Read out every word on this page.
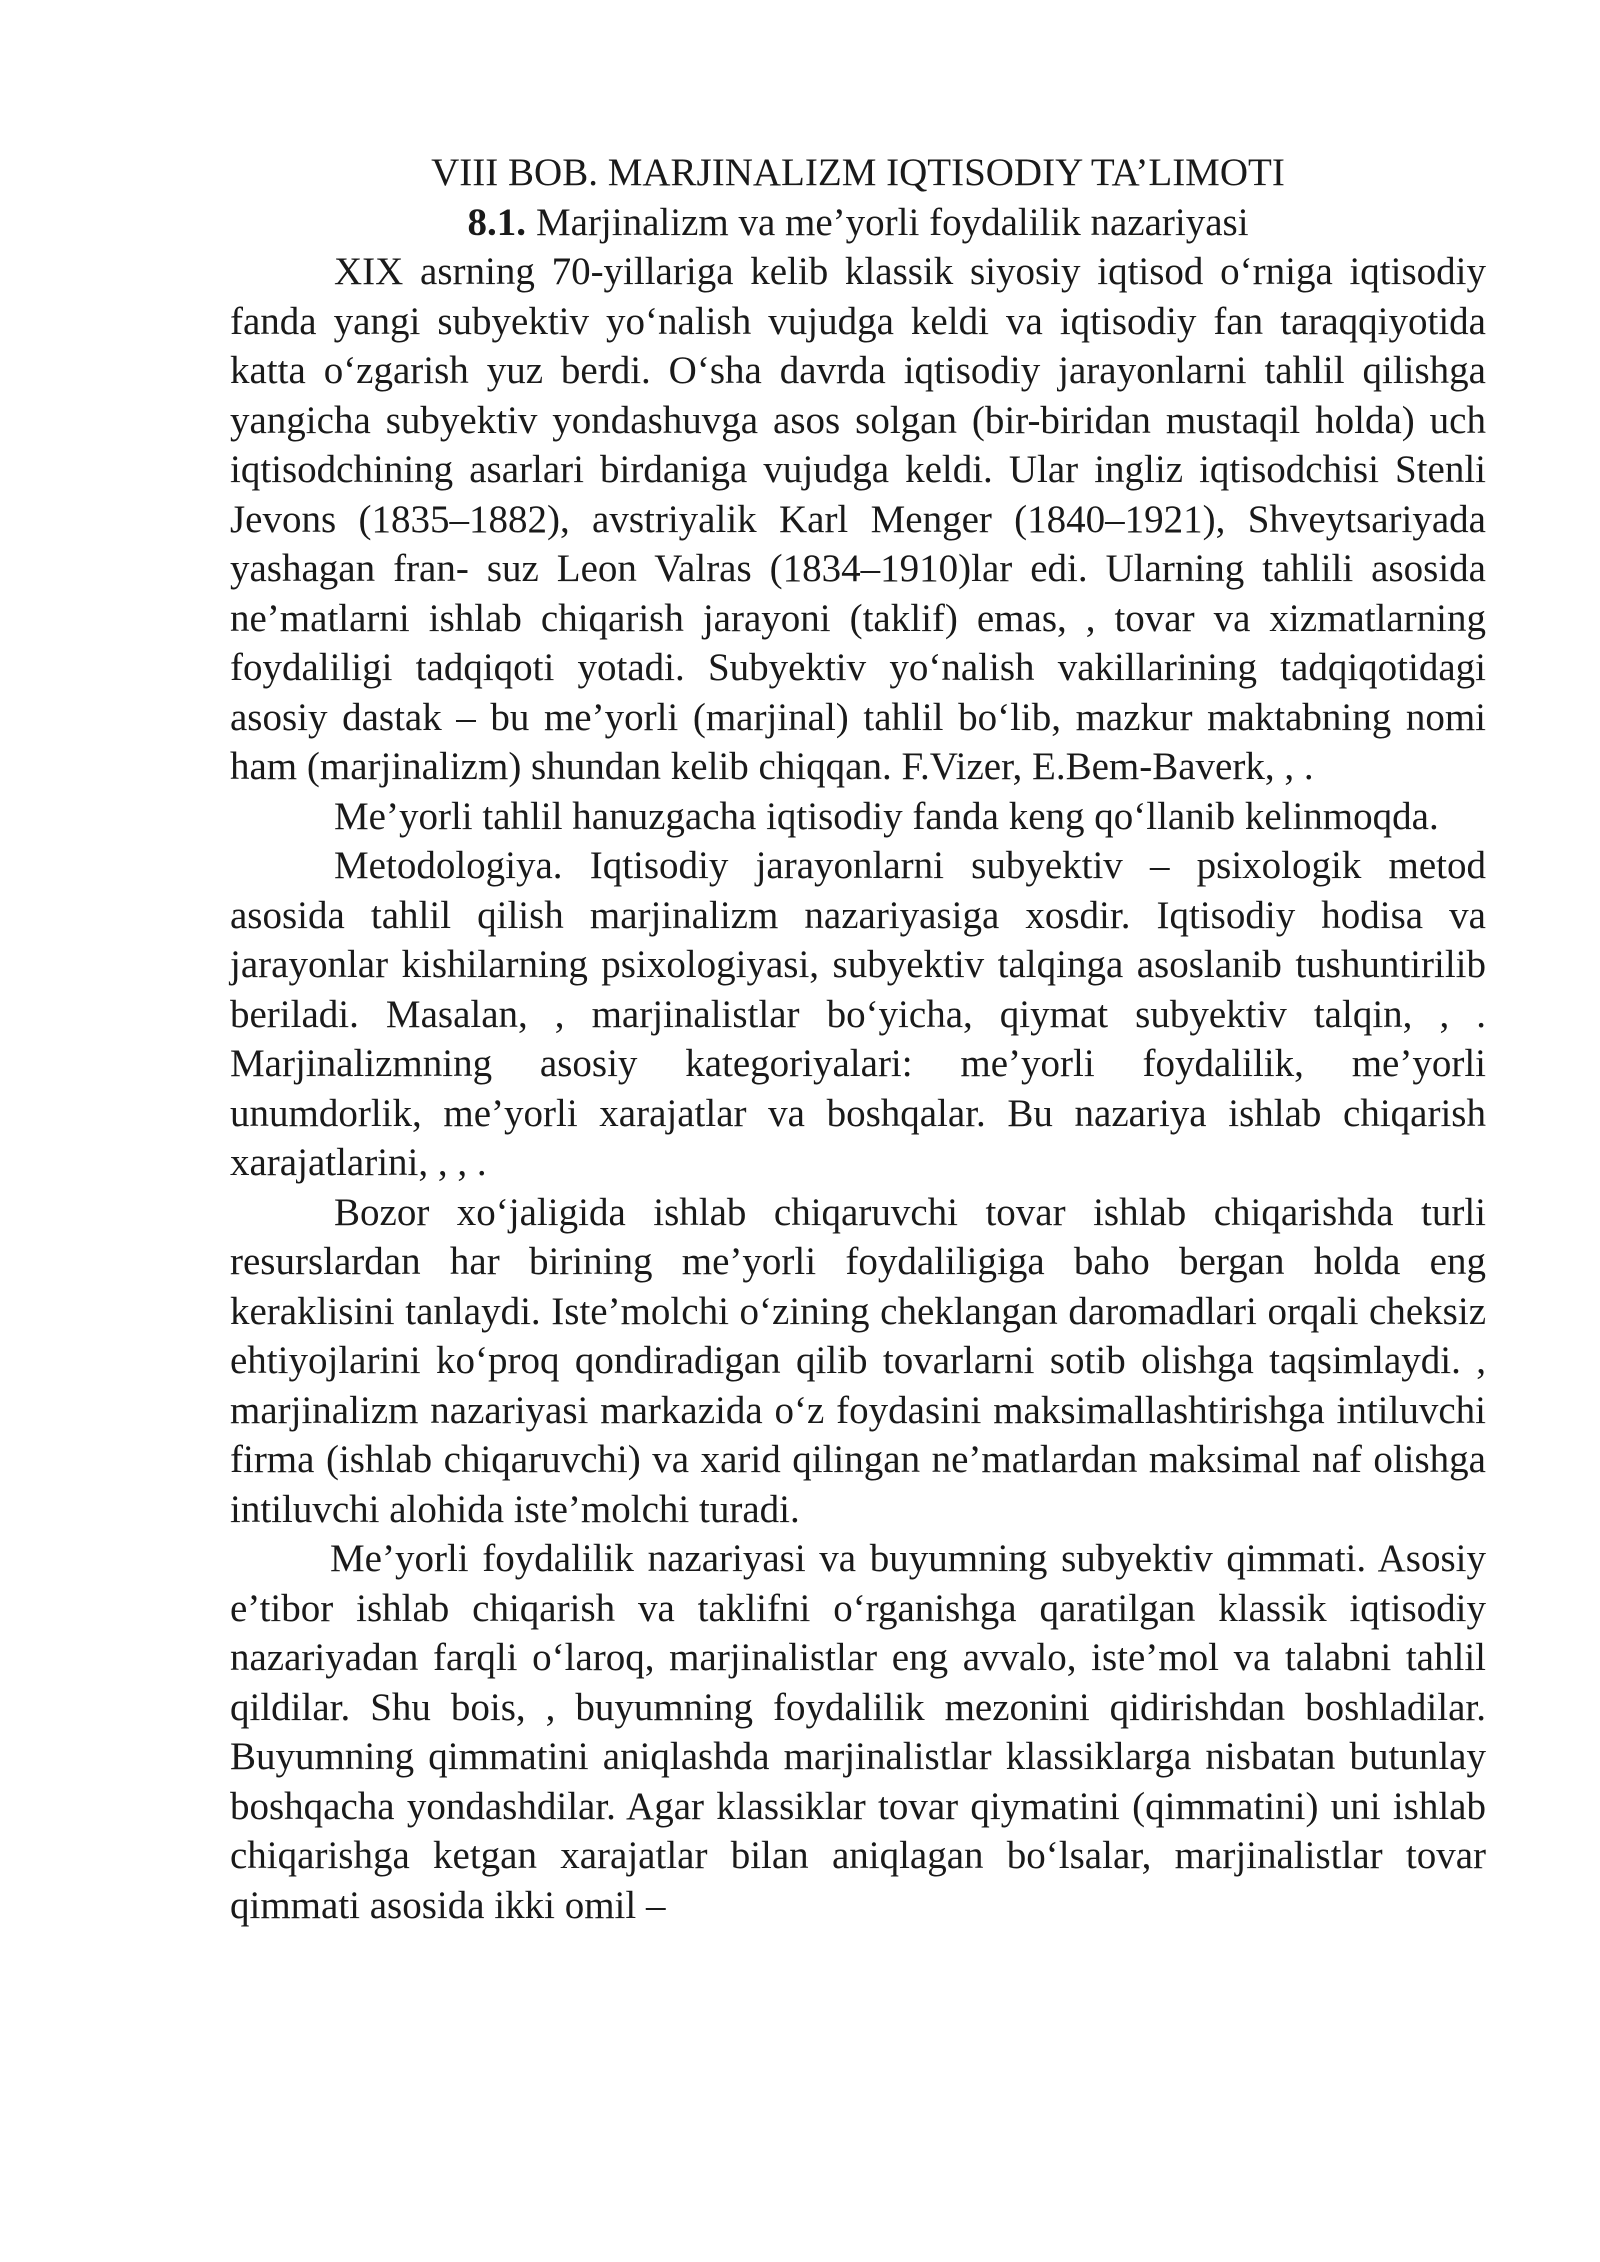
VIII BOB. MARJINALIZM IQTISODIY TA’LIMOTI
8.1. Marjinalizm va me’yorli foydalilik nazariyasi

XIX asrning 70-yillariga kelib klassik siyosiy iqtisod o‘rniga iqtisodiy fanda yangi subyektiv yo‘nalish vujudga keldi va iqtisodiy fan taraqqiyotida katta o‘zgarish yuz berdi. O‘sha davrda iqtisodiy jarayonlarni tahlil qilishga yangicha subyektiv yondashuvga asos solgan (bir-biridan mustaqil holda) uch iqtisodchining asarlari birdaniga vujudga keldi. Ular ingliz iqtisodchisi Stenli Jevons (1835–1882), avstriyalik Karl Menger (1840–1921), Shveytsariyada yashagan fran- suz Leon Valras (1834–1910)lar edi. Ularning tahlili asosida ne’matlarni ishlab chiqarish jarayoni (taklif) emas, , tovar va xizmatlarning foydaliligi tadqiqoti yotadi. Subyektiv yo‘nalish vakillarining tadqiqotidagi asosiy dastak – bu me’yorli (marjinal) tahlil bo‘lib, mazkur maktabning nomi ham (marjinalizm) shundan kelib chiqqan. F.Vizer, E.Bem-Baverk, , .

Me’yorli tahlil hanuzgacha iqtisodiy fanda keng qo‘llanib kelinmoqda.

Metodologiya. Iqtisodiy jarayonlarni subyektiv – psixologik metod asosida tahlil qilish marjinalizm nazariyasiga xosdir. Iqtisodiy hodisa va jarayonlar kishilarning psixologiyasi, subyektiv talqinga asoslanib tushuntirilib beriladi. Masalan, , marjinalistlar bo‘yicha, qiymat subyektiv talqin, , . Marjinalizmning asosiy kategoriyalari: me’yorli foydalilik, me’yorli unumdorlik, me’yorli xarajatlar va boshqalar. Bu nazariya ishlab chiqarish xarajatlarini, , , .

Bozor xo‘jaligida ishlab chiqaruvchi tovar ishlab chiqarishda turli resurslardan har birining me’yorli foydaliligiga baho bergan holda eng keraklisini tanlaydi. Iste’molchi o‘zining cheklangan daromadlari orqali cheksiz ehtiyojlarini ko‘proq qondiradigan qilib tovarlarni sotib olishga taqsimlaydi. , marjinalizm nazariyasi markazida o‘z foydasini maksimallashtirishga intiluvchi firma (ishlab chiqaruvchi) va xarid qilingan ne’matlardan maksimal naf olishga intiluvchi alohida iste’molchi turadi.

Me’yorli foydalilik nazariyasi va buyumning subyektiv qimmati. Asosiy e’tibor ishlab chiqarish va taklifni o‘rganishga qaratilgan klassik iqtisodiy nazariyadan farqli o‘laroq, marjinalistlar eng avvalo, iste’mol va talabni tahlil qildilar. Shu bois, , buyumning foydalilik mezonini qidirishdan boshladilar. Buyumning qimmatini aniqlashda marjinalistlar klassiklarga nisbatan butunlay boshqacha yondashdilar. Agar klassiklar tovar qiymatini (qimmatini) uni ishlab chiqarishga ketgan xarajatlar bilan aniqlagan bo‘lsalar, marjinalistlar tovar qimmati asosida ikki omil –
